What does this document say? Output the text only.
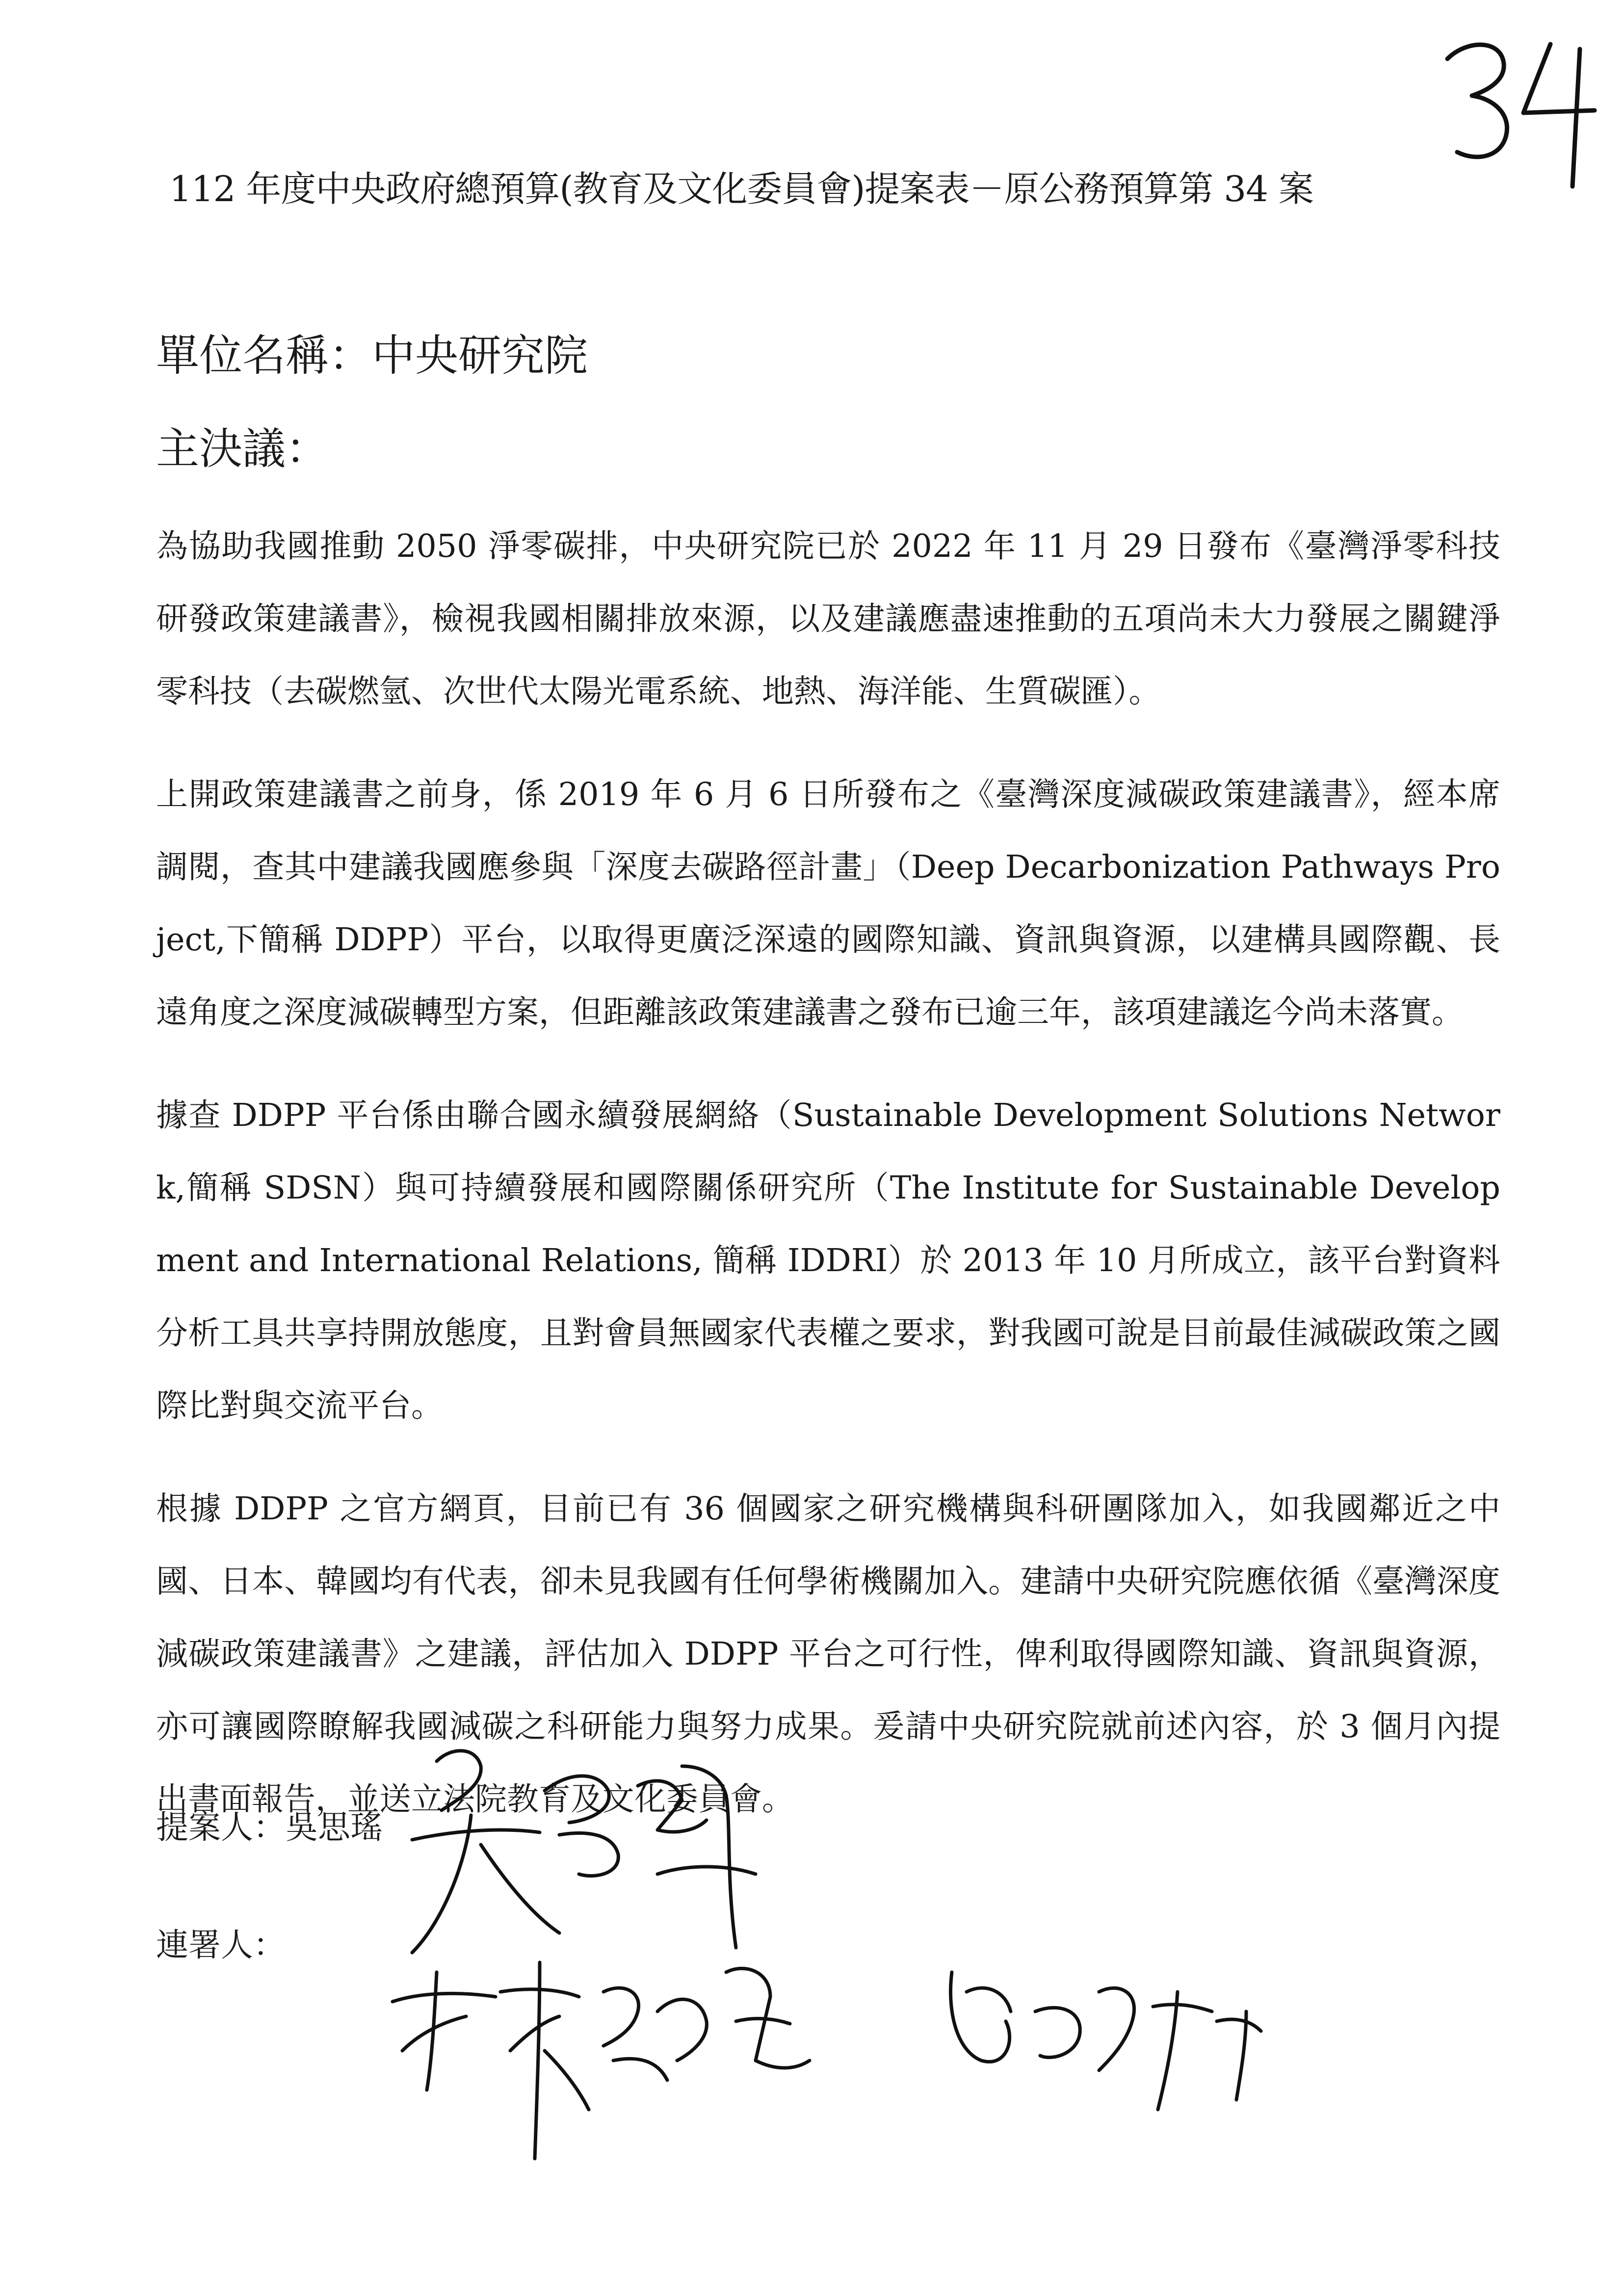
112 年度中央政府總預算(教育及文化委員會)提案表－原公務預算第 34 案
單位名稱：中央研究院
主決議：

為協助我國推動 2050 淨零碳排，中央研究院已於 2022 年 11 月 29 日發布《臺灣淨零科技研發政策建議書》，檢視我國相關排放來源，以及建議應盡速推動的五項尚未大力發展之關鍵淨零科技（去碳燃氫、次世代太陽光電系統、地熱、海洋能、生質碳匯）。

上開政策建議書之前身，係 2019 年 6 月 6 日所發布之《臺灣深度減碳政策建議書》，經本席調閱，查其中建議我國應參與「深度去碳路徑計畫」（Deep Decarbonization Pathways Project,下簡稱 DDPP）平台，以取得更廣泛深遠的國際知識、資訊與資源，以建構具國際觀、長遠角度之深度減碳轉型方案，但距離該政策建議書之發布已逾三年，該項建議迄今尚未落實。

據查 DDPP 平台係由聯合國永續發展網絡（Sustainable Development Solutions Network,簡稱 SDSN）與可持續發展和國際關係研究所（The Institute for Sustainable Development and International Relations, 簡稱 IDDRI）於 2013 年 10 月所成立，該平台對資料分析工具共享持開放態度，且對會員無國家代表權之要求，對我國可說是目前最佳減碳政策之國際比對與交流平台。

根據 DDPP 之官方網頁，目前已有 36 個國家之研究機構與科研團隊加入，如我國鄰近之中國、日本、韓國均有代表，卻未見我國有任何學術機關加入。建請中央研究院應依循《臺灣深度減碳政策建議書》之建議，評估加入 DDPP 平台之可行性，俾利取得國際知識、資訊與資源，亦可讓國際瞭解我國減碳之科研能力與努力成果。爰請中央研究院就前述內容，於 3 個月內提出書面報告，並送立法院教育及文化委員會。

提案人：吳思瑤
連署人：
